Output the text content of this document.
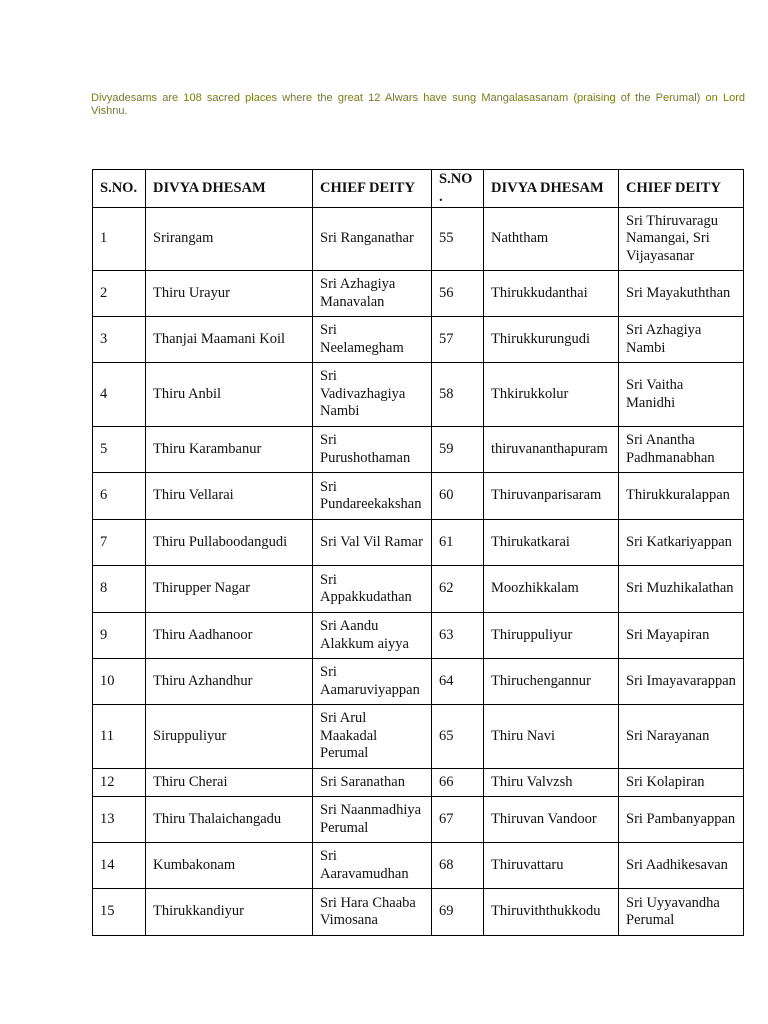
Divyadesams are 108 sacred places where the great 12 Alwars have sung Mangalasasanam (praising of the Perumal) on Lord Vishnu.

S.NO.	DIVYA DHESAM	CHIEF DEITY	S.NO.	DIVYA DHESAM	CHIEF DEITY
1	Srirangam	Sri Ranganathar	55	Naththam	Sri Thiruvaragu Namangai, Sri Vijayasanar
2	Thiru Urayur	Sri Azhagiya Manavalan	56	Thirukkudanthai	Sri Mayakuththan
3	Thanjai Maamani Koil	Sri Neelamegham	57	Thirukkurungudi	Sri Azhagiya Nambi
4	Thiru Anbil	Sri Vadivazhagiya Nambi	58	Thkirukkolur	Sri Vaitha Manidhi
5	Thiru Karambanur	Sri Purushothaman	59	thiruvananthapuram	Sri Anantha Padhmanabhan
6	Thiru Vellarai	Sri Pundareekakshan	60	Thiruvanparisaram	Thirukkuralappan
7	Thiru Pullaboodangudi	Sri Val Vil Ramar	61	Thirukatkarai	Sri Katkariyappan
8	Thirupper Nagar	Sri Appakkudathan	62	Moozhikkalam	Sri Muzhikalathan
9	Thiru Aadhanoor	Sri Aandu Alakkum aiyya	63	Thiruppuliyur	Sri Mayapiran
10	Thiru Azhandhur	Sri Aamaruviyappan	64	Thiruchengannur	Sri Imayavarappan
11	Siruppuliyur	Sri Arul Maakadal Perumal	65	Thiru Navi	Sri Narayanan
12	Thiru Cherai	Sri Saranathan	66	Thiru Valvzsh	Sri Kolapiran
13	Thiru Thalaichangadu	Sri Naanmadhiya Perumal	67	Thiruvan Vandoor	Sri Pambanyappan
14	Kumbakonam	Sri Aaravamudhan	68	Thiruvattaru	Sri Aadhikesavan
15	Thirukkandiyur	Sri Hara Chaaba Vimosana	69	Thiruviththukkodu	Sri Uyyavandha Perumal
